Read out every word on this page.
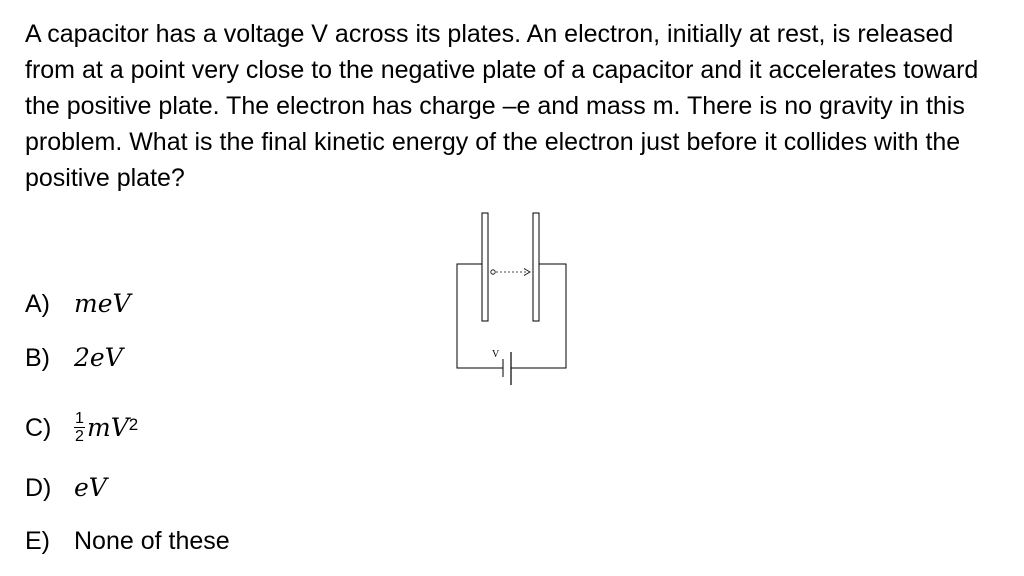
A capacitor has a voltage V across its plates. An electron, initially at rest, is released from at a point very close to the negative plate of a capacitor and it accelerates toward the positive plate. The electron has charge –e and mass m. There is no gravity in this problem. What is the final kinetic energy of the electron just before it collides with the positive plate?

A) meV
B) 2eV
C)	$\frac{1}{2} mV^2$
D) eV
E) None of these
V
